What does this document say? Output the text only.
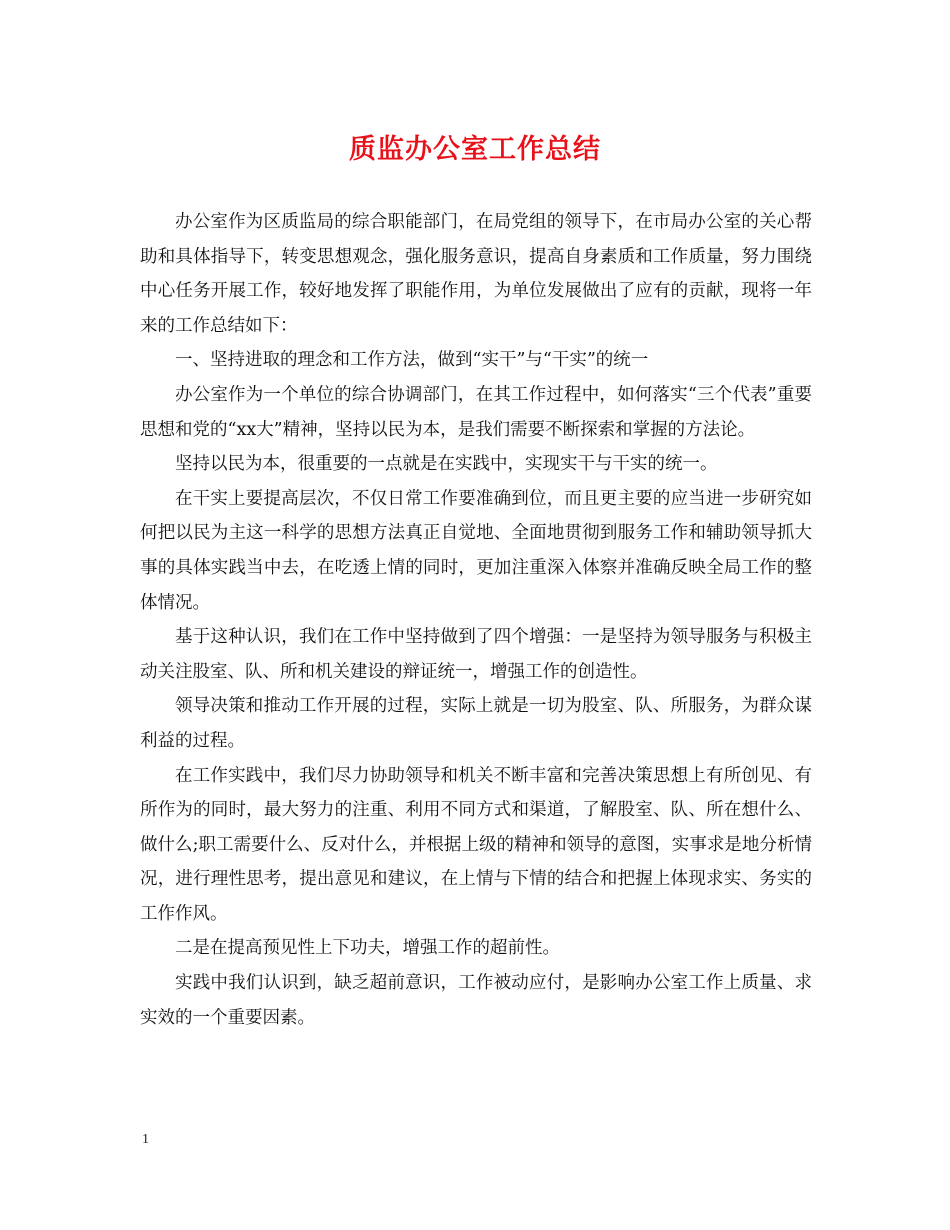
质监办公室工作总结

办公室作为区质监局的综合职能部门，在局党组的领导下，在市局办公室的关心帮助和具体指导下，转变思想观念，强化服务意识，提高自身素质和工作质量，努力围绕中心任务开展工作，较好地发挥了职能作用，为单位发展做出了应有的贡献，现将一年来的工作总结如下：

一、坚持进取的理念和工作方法，做到“实干”与“干实”的统一

办公室作为一个单位的综合协调部门，在其工作过程中，如何落实“三个代表”重要思想和党的“xx大”精神，坚持以民为本，是我们需要不断探索和掌握的方法论。

坚持以民为本，很重要的一点就是在实践中，实现实干与干实的统一。

在干实上要提高层次，不仅日常工作要准确到位，而且更主要的应当进一步研究如何把以民为主这一科学的思想方法真正自觉地、全面地贯彻到服务工作和辅助领导抓大事的具体实践当中去，在吃透上情的同时，更加注重深入体察并准确反映全局工作的整体情况。

基于这种认识，我们在工作中坚持做到了四个增强：一是坚持为领导服务与积极主动关注股室、队、所和机关建设的辩证统一，增强工作的创造性。

领导决策和推动工作开展的过程，实际上就是一切为股室、队、所服务，为群众谋利益的过程。

在工作实践中，我们尽力协助领导和机关不断丰富和完善决策思想上有所创见、有所作为的同时，最大努力的注重、利用不同方式和渠道，了解股室、队、所在想什么、做什么;职工需要什么、反对什么，并根据上级的精神和领导的意图，实事求是地分析情况，进行理性思考，提出意见和建议，在上情与下情的结合和把握上体现求实、务实的工作作风。

二是在提高预见性上下功夫，增强工作的超前性。

实践中我们认识到，缺乏超前意识，工作被动应付，是影响办公室工作上质量、求实效的一个重要因素。

1
